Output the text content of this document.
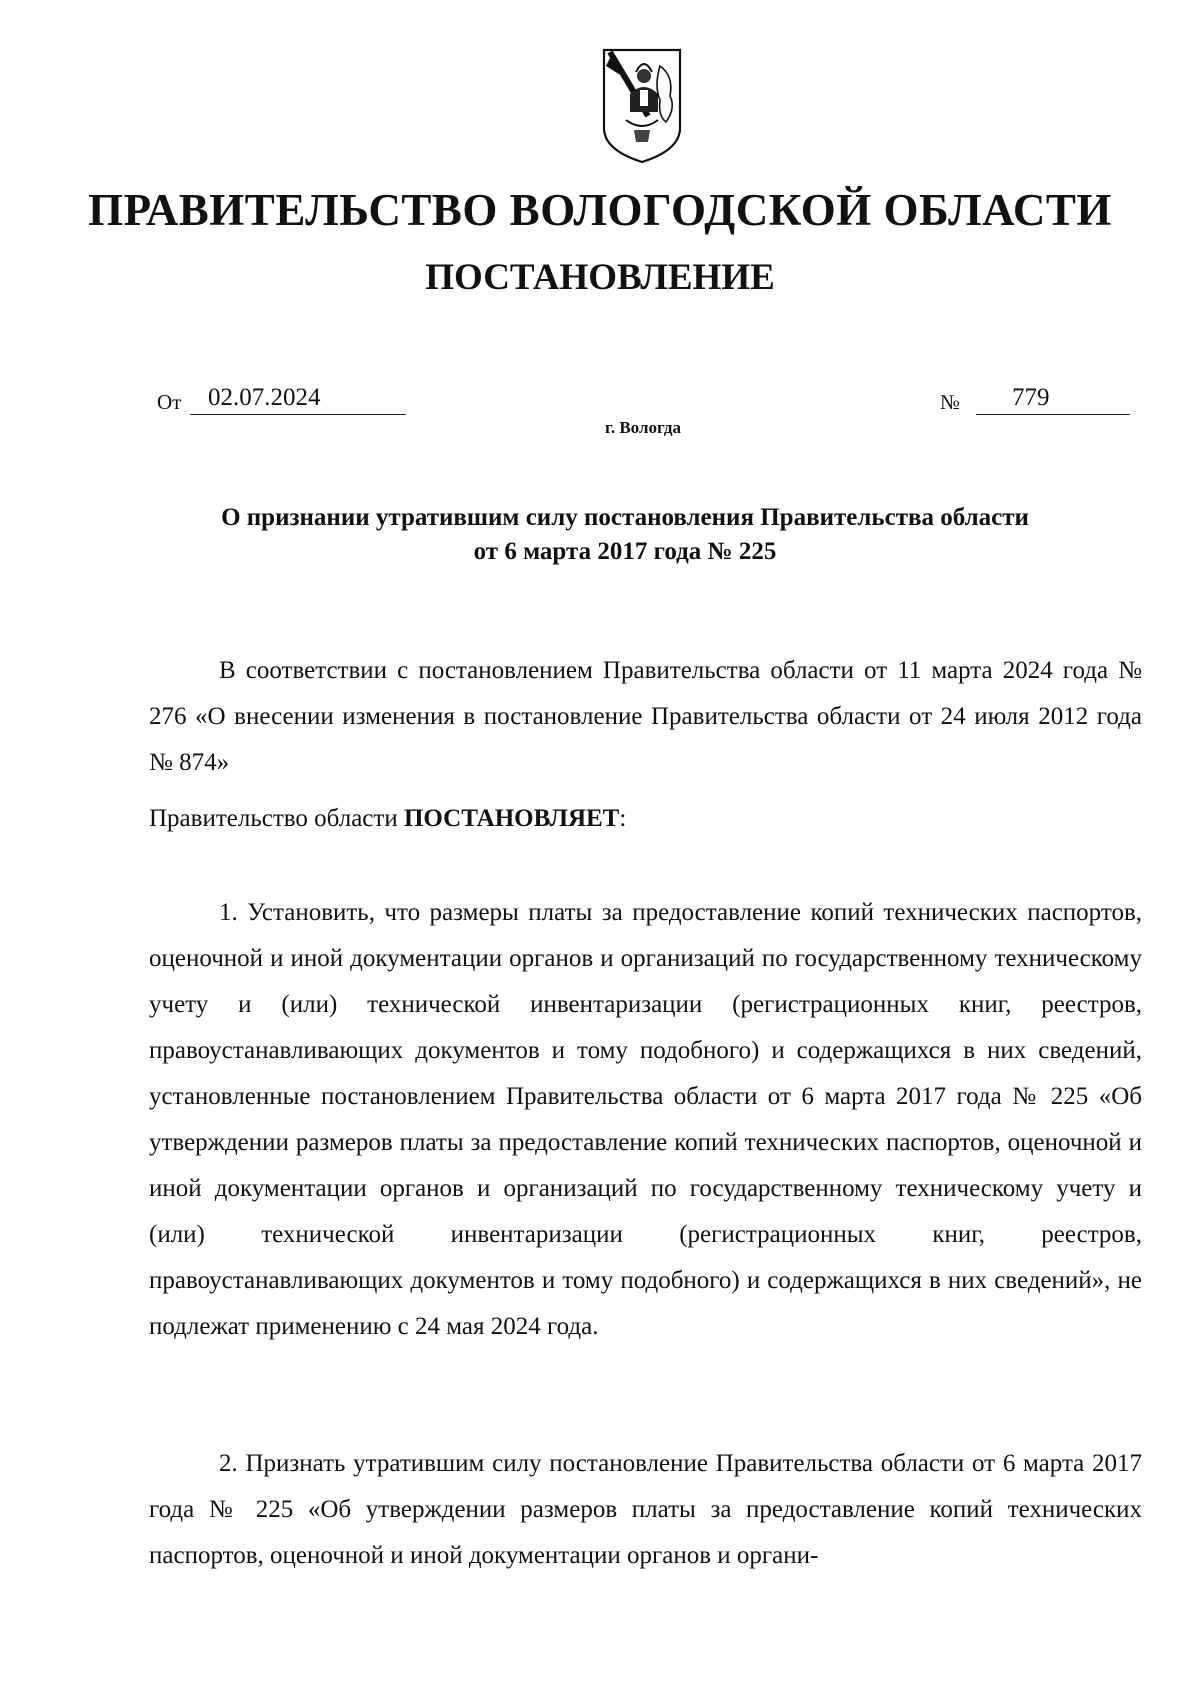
ПРАВИТЕЛЬСТВО ВОЛОГОДСКОЙ ОБЛАСТИ
ПОСТАНОВЛЕНИЕ
От	02.07.2024	№	779
г. Вологда
О признании утратившим силу постановления Правительства области
от 6 марта 2017 года № 225

В соответствии с постановлением Правительства области от 11 марта 2024 года № 276 «О внесении изменения в постановление Правительства области от 24 июля 2012 года № 874»

Правительство области ПОСТАНОВЛЯЕТ:

1. Установить, что размеры платы за предоставление копий технических паспортов, оценочной и иной документации органов и организаций по государственному техническому учету и (или) технической инвентаризации (регистрационных книг, реестров, правоустанавливающих документов и тому подобного) и содержащихся в них сведений, установленные постановлением Правительства области от 6 марта 2017 года № 225 «Об утверждении размеров платы за предоставление копий технических паспортов, оценочной и иной документации органов и организаций по государственному техническому учету и (или) технической инвентаризации (регистрационных книг, реестров, правоустанавливающих документов и тому подобного) и содержащихся в них сведений», не подлежат применению с 24 мая 2024 года.

2. Признать утратившим силу постановление Правительства области от 6 марта 2017 года № 225 «Об утверждении размеров платы за предоставление копий технических паспортов, оценочной и иной документации органов и органи-
